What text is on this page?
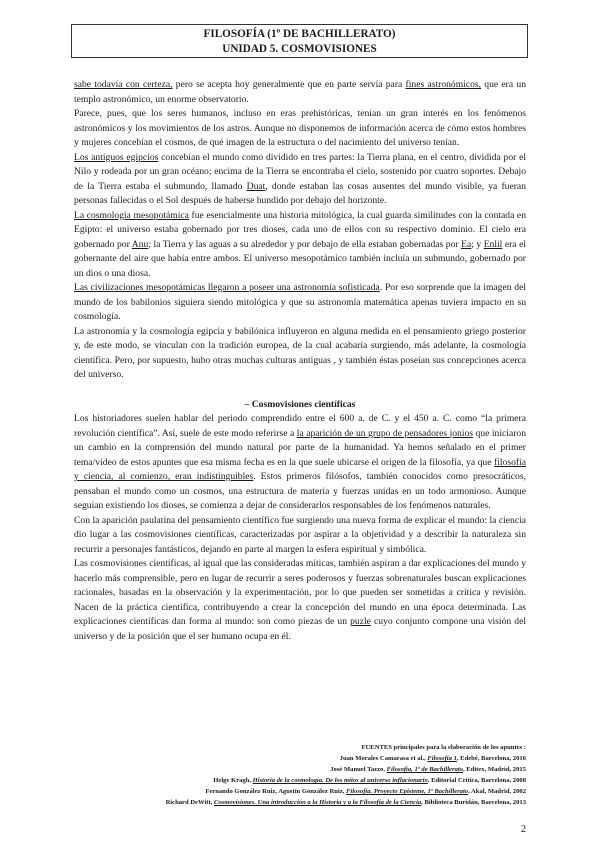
FILOSOFÍA (1º DE BACHILLERATO)
UNIDAD 5. COSMOVISIONES

sabe todavía con certeza, pero se acepta hoy generalmente que en parte servía para fines astronómicos, que era un templo astronómico, un enorme observatorio.

Parece, pues, que los seres humanos, incluso en eras prehistóricas, tenían un gran interés en los fenómenos astronómicos y los movimientos de los astros. Aunque no disponemos de información acerca de cómo estos hombres y mujeres concebían el cosmos, de qué imagen de la estructura o del nacimiento del universo tenían.

Los antiguos egipcios concebían el mundo como dividido en tres partes: la Tierra plana, en el centro, dividida por el Nilo y rodeada por un gran océano; encima de la Tierra se encontraba el cielo, sostenido por cuatro soportes. Debajo de la Tierra estaba el submundo, llamado Duat, donde estaban las cosas ausentes del mundo visible, ya fueran personas fallecidas o el Sol después de haberse hundido por debajo del horizonte.

La cosmología mesopotámica fue esencialmente una historia mitológica, la cual guarda similitudes con la contada en Egipto: el universo estaba gobernado por tres dioses, cada uno de ellos con su respectivo dominio. El cielo era gobernado por Anu; la Tierra y las aguas a su alrededor y por debajo de ella estaban gobernadas por Ea; y Enlil era el gobernante del aire que había entre ambos. El universo mesopotámico también incluía un submundo, gobernado por un dios o una diosa.

Las civilizaciones mesopotámicas llegaron a poseer una astronomía sofisticada. Por eso sorprende que la imagen del mundo de los babilonios siguiera siendo mitológica y que su astronomía matemática apenas tuviera impacto en su cosmología.

La astronomía y la cosmología egipcia y babilónica influyeron en alguna medida en el pensamiento griego posterior y, de este modo, se vinculan con la tradición europea, de la cual acabaría surgiendo, más adelante, la cosmología científica. Pero, por supuesto, hubo otras muchas culturas antiguas , y también éstas poseían sus concepciones acerca del universo.

– Cosmovisiones científicas

Los historiadores suelen hablar del periodo comprendido entre el 600 a. de C. y el 450 a. C. como “la primera revolución científica”. Así, suele de este modo referirse a la aparición de un grupo de pensadores jonios que iniciaron un cambio en la comprensión del mundo natural por parte de la humanidad. Ya hemos señalado en el primer tema/vídeo de estos apuntes que esa misma fecha es en la que suele ubicarse el origen de la filosofía, ya que filosofía y ciencia, al comienzo, eran indistinguibles. Estos primeros filósofos, también conocidos como presocráticos, pensaban el mundo como un cosmos, una estructura de materia y fuerzas unidas en un todo armonioso. Aunque seguían existiendo los dioses, se comienza a dejar de considerarlos responsables de los fenómenos naturales.

Con la aparición paulatina del pensamiento científico fue surgiendo una nueva forma de explicar el mundo: la ciencia dio lugar a las cosmovisiones científicas, caracterizadas por aspirar a la objetividad y a describir la naturaleza sin recurrir a personajes fantásticos, dejando en parte al margen la esfera espiritual y simbólica.

Las cosmovisiones científicas, al igual que las consideradas míticas, también aspiran a dar explicaciones del mundo y hacerlo más comprensible, pero en lugar de recurrir a seres poderosos y fuerzas sobrenaturales buscan explicaciones racionales, basadas en la observación y la experimentación, por lo que pueden ser sometidas a crítica y revisión. Nacen de la práctica científica, contribuyendo a crear la concepción del mundo en una época determinada. Las explicaciones científicas dan forma al mundo: son como piezas de un puzle cuyo conjunto compone una visión del universo y de la posición que el ser humano ocupa en él.

FUENTES principales para la elaboración de los apuntes :
Juan Morales Camarasa et al., Filosofía 1, Edebé, Barcelona, 2016
José Manuel Tazzo, Filosofía, 1º de Bachillerato, Editex, Madrid, 2015
Helge Kragh, Historia de la cosmología. De los mitos al universo inflacionario, Editorial Crítica, Barcelona, 2008
Fernando González Ruiz, Agustín González Ruiz, Filosofía. Proyecto Episteme, 1º Bachillerato, Akal, Madrid, 2002
Richard DeWitt, Cosmovisiones. Una introducción a la Historia y a la Filosofía de la Ciencia, Biblioteca Buridán, Barcelona, 2013
2
